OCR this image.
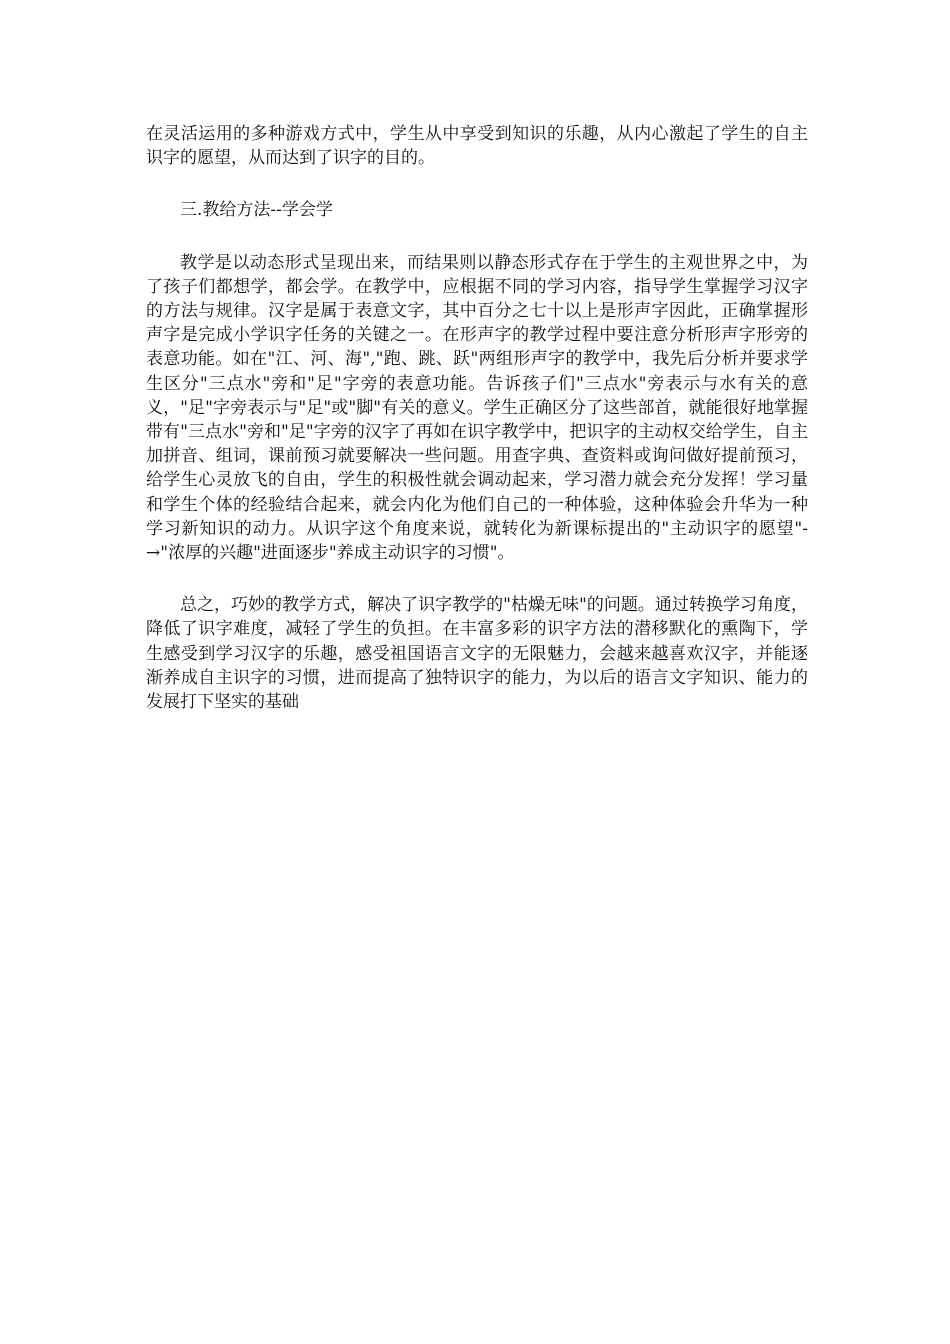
在灵活运用的多种游戏方式中，学生从中享受到知识的乐趣，从内心激起了学生的自主识字的愿望，从而达到了识字的目的。

三.教给方法--学会学

教学是以动态形式呈现出来，而结果则以静态形式存在于学生的主观世界之中，为了孩子们都想学，都会学。在教学中，应根据不同的学习内容，指导学生掌握学习汉字的方法与规律。汉字是属于表意文字，其中百分之七十以上是形声字因此，正确掌握形声字是完成小学识字任务的关键之一。在形声字的教学过程中要注意分析形声字形旁的表意功能。如在"江、河、海","跑、跳、跃"两组形声字的教学中，我先后分析并要求学生区分"三点水"旁和"足"字旁的表意功能。告诉孩子们"三点水"旁表示与水有关的意义，"足"字旁表示与"足"或"脚"有关的意义。学生正确区分了这些部首，就能很好地掌握带有"三点水"旁和"足"字旁的汉字了再如在识字教学中，把识字的主动权交给学生，自主加拼音、组词，课前预习就要解决一些问题。用查字典、查资料或询问做好提前预习，给学生心灵放飞的自由，学生的积极性就会调动起来，学习潜力就会充分发挥！学习量和学生个体的经验结合起来，就会内化为他们自己的一种体验，这种体验会升华为一种学习新知识的动力。从识字这个角度来说，就转化为新课标提出的"主动识字的愿望"-→"浓厚的兴趣"进面逐步"养成主动识字的习惯"。

总之，巧妙的教学方式，解决了识字教学的"枯燥无味"的问题。通过转换学习角度，降低了识字难度，减轻了学生的负担。在丰富多彩的识字方法的潜移默化的熏陶下，学生感受到学习汉字的乐趣，感受祖国语言文字的无限魅力，会越来越喜欢汉字，并能逐渐养成自主识字的习惯，进而提高了独特识字的能力，为以后的语言文字知识、能力的发展打下坚实的基础
